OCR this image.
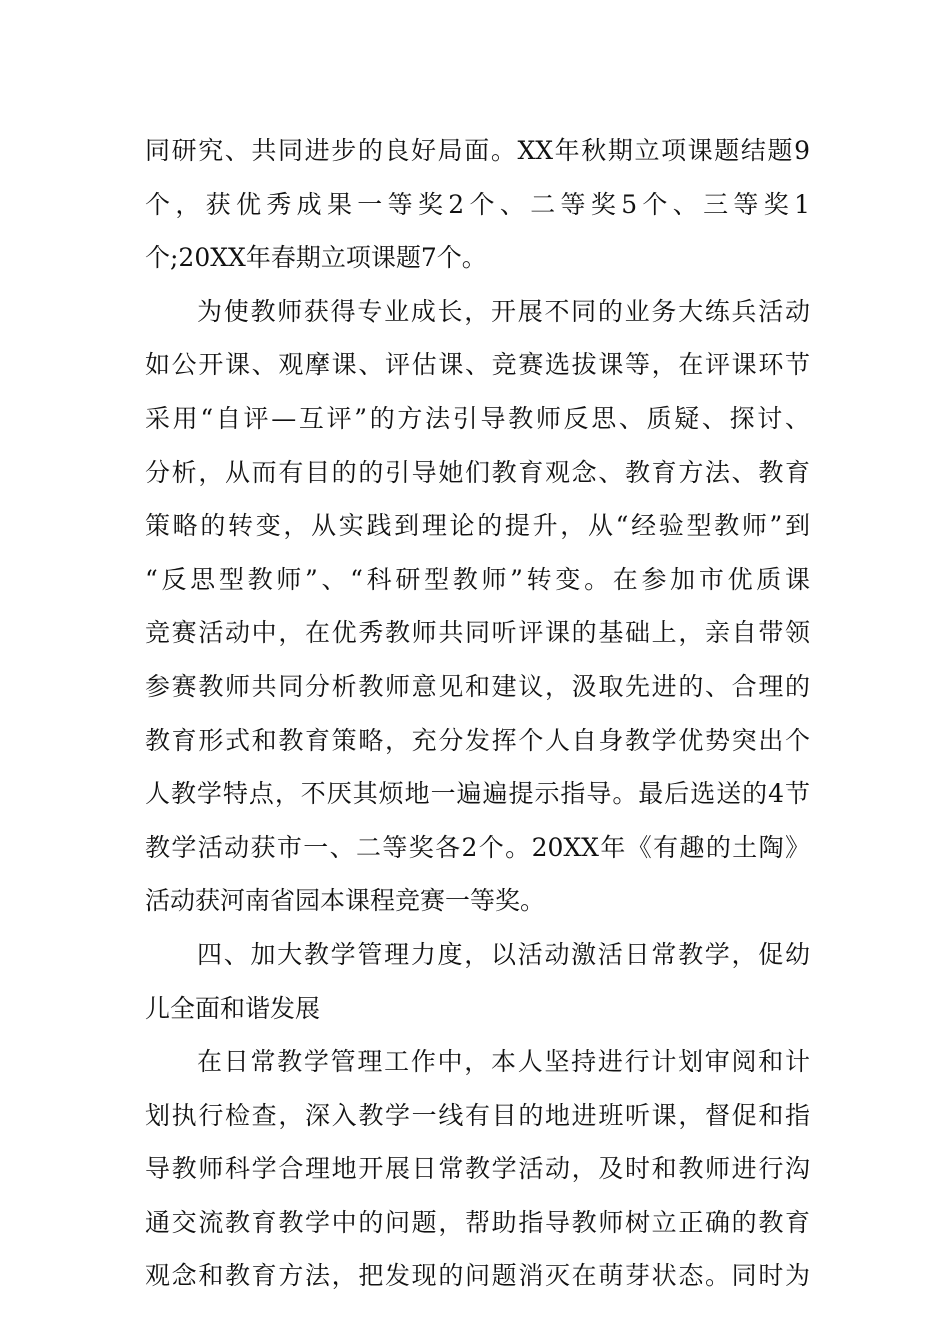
同研究、共同进步的良好局面。XX年秋期立项课题结题9
个，获优秀成果一等奖2个、二等奖5个、三等奖1
个;20XX年春期立项课题7个。
为使教师获得专业成长，开展不同的业务大练兵活动
如公开课、观摩课、评估课、竞赛选拔课等，在评课环节
采用“自评—互评”的方法引导教师反思、质疑、探讨、
分析，从而有目的的引导她们教育观念、教育方法、教育
策略的转变，从实践到理论的提升，从“经验型教师”到
“反思型教师”、“科研型教师”转变。在参加市优质课
竞赛活动中，在优秀教师共同听评课的基础上，亲自带领
参赛教师共同分析教师意见和建议，汲取先进的、合理的
教育形式和教育策略，充分发挥个人自身教学优势突出个
人教学特点，不厌其烦地一遍遍提示指导。最后选送的4节
教学活动获市一、二等奖各2个。20XX年《有趣的土陶》
活动获河南省园本课程竞赛一等奖。
四、加大教学管理力度，以活动激活日常教学，促幼
儿全面和谐发展
在日常教学管理工作中，本人坚持进行计划审阅和计
划执行检查，深入教学一线有目的地进班听课，督促和指
导教师科学合理地开展日常教学活动，及时和教师进行沟
通交流教育教学中的问题，帮助指导教师树立正确的教育
观念和教育方法，把发现的问题消灭在萌芽状态。同时为
